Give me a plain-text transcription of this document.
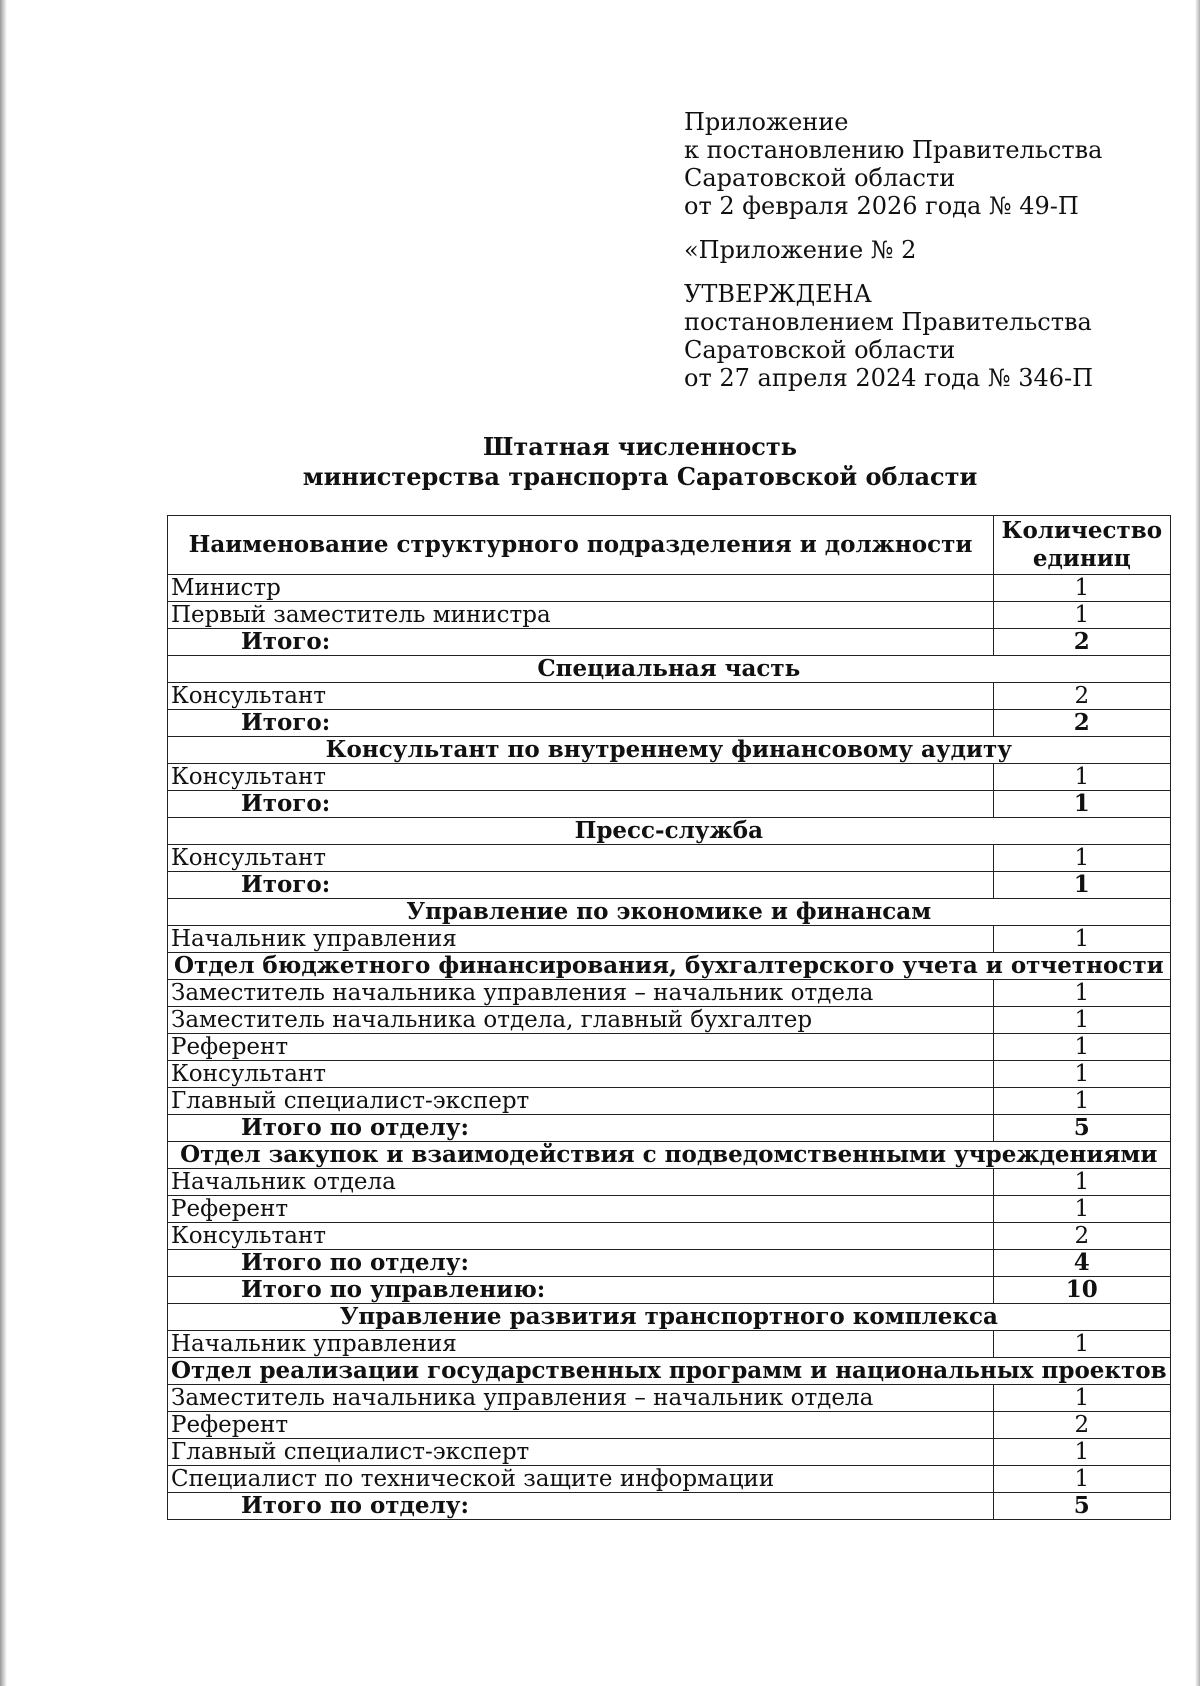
Приложение

к постановлению Правительства

Саратовской области

от 2 февраля 2026 года № 49-П

«Приложение № 2

УТВЕРЖДЕНА

постановлением Правительства

Саратовской области

от 27 апреля 2024 года № 346-П

Штатная численность

министерства транспорта Саратовской области

Наименование структурного подразделения и должности	Количество единиц
Министр	1
Первый заместитель министра	1
Итого:	2
Специальная часть	
Консультант	2
Итого:	2
Консультант по внутреннему финансовому аудиту	
Консультант	1
Итого:	1
Пресс-служба	
Консультант	1
Итого:	1
Управление по экономике и финансам	
Начальник управления	1
Отдел бюджетного финансирования, бухгалтерского учета и отчетности	
Заместитель начальника управления – начальник отдела	1
Заместитель начальника отдела, главный бухгалтер	1
Референт	1
Консультант	1
Главный специалист-эксперт	1
Итого по отделу:	5
Отдел закупок и взаимодействия с подведомственными учреждениями	
Начальник отдела	1
Референт	1
Консультант	2
Итого по отделу:	4
Итого по управлению:	10
Управление развития транспортного комплекса	
Начальник управления	1
Отдел реализации государственных программ и национальных проектов	
Заместитель начальника управления – начальник отдела	1
Референт	2
Главный специалист-эксперт	1
Специалист по технической защите информации	1
Итого по отделу:	5
